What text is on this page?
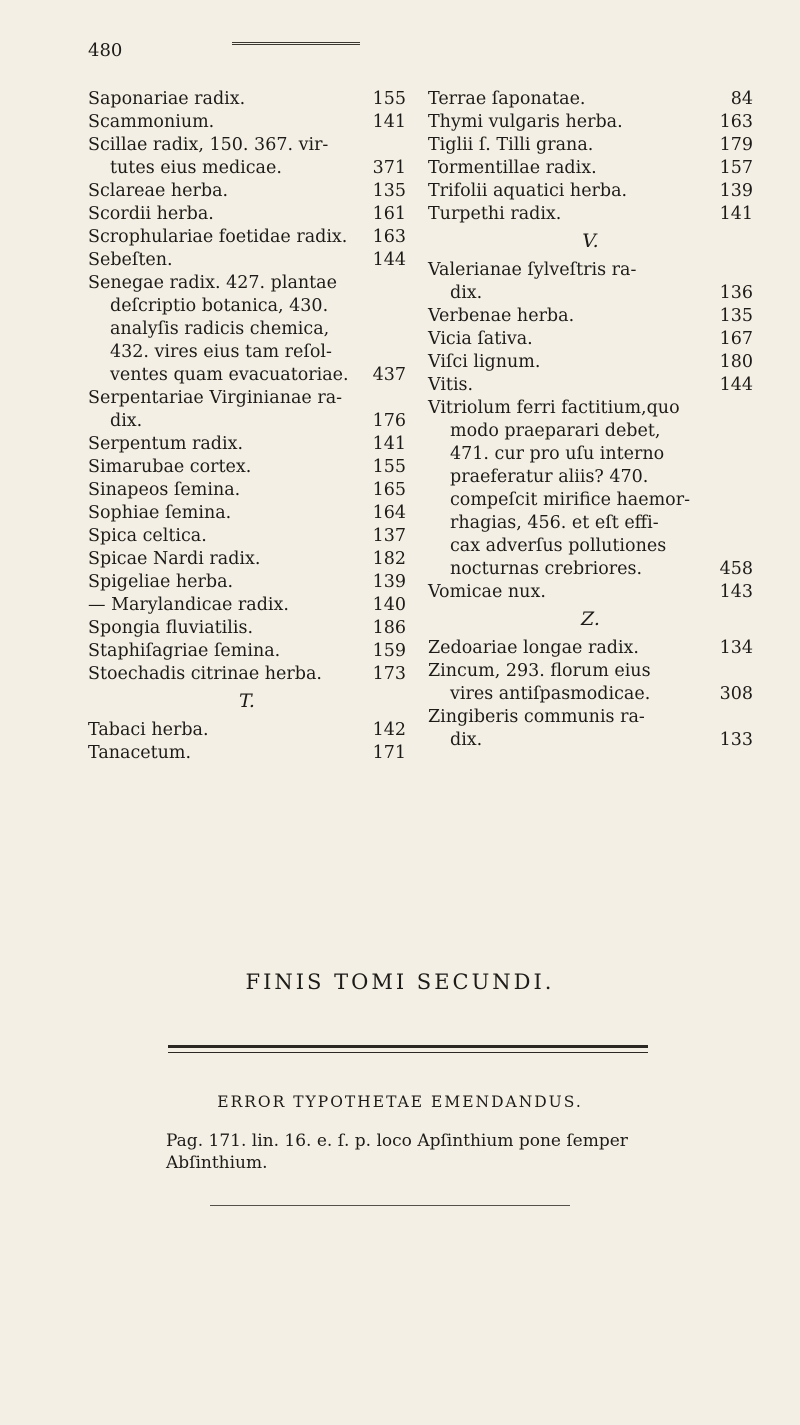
480
Saponariae radix.	155
Scammonium.	141
Scillae radix, 150. 367. vir-
tutes eius medicae.	371
Sclareae herba.	135
Scordii herba.	161
Scrophulariae foetidae radix. 163
Sebeſten.	144
Senegae radix. 427. plantae
deſcriptio botanica, 430.
analyſis radicis chemica,
432. vires eius tam reſol-
ventes quam evacuatoriae. 437
Serpentariae Virginianae ra-
dix.	176
Serpentum radix.	141
Simarubae cortex.	155
Sinapeos ſemina.	165
Sophiae ſemina.	164
Spica celtica.	137
Spicae Nardi radix.	182
Spigeliae herba.	139
— Marylandicae radix.	140
Spongia fluviatilis.	186
Staphiſagriae ſemina.	159
Stoechadis citrinae herba.	173
T.
Tabaci herba.	142
Tanacetum.	171
Terrae ſaponatae.	84
Thymi vulgaris herba.	163
Tiglii ſ. Tilli grana.	179
Tormentillae radix.	157
Trifolii aquatici herba.	139
Turpethi radix.	141
V.
Valerianae ſylveſtris ra-
dix.	136
Verbenae herba.	135
Vicia ſativa.	167
Viſci lignum.	180
Vitis.	144
Vitriolum ferri factitium,quo
modo praeparari debet,
471. cur pro uſu interno
praeferatur aliis? 470.
compeſcit mirifice haemor-
rhagias, 456. et eſt effi-
cax adverſus pollutiones
nocturnas crebriores.	458
Vomicae nux.	143
Z.
Zedoariae longae radix.	134
Zincum, 293. florum eius
vires antiſpasmodicae.	308
Zingiberis communis ra-
dix.	133
FINIS TOMI SECUNDI.
ERROR TYPOTHETAE EMENDANDUS.
Pag. 171. lin. 16. e. ſ. p. loco Apſinthium pone ſemper
Abſinthium.
